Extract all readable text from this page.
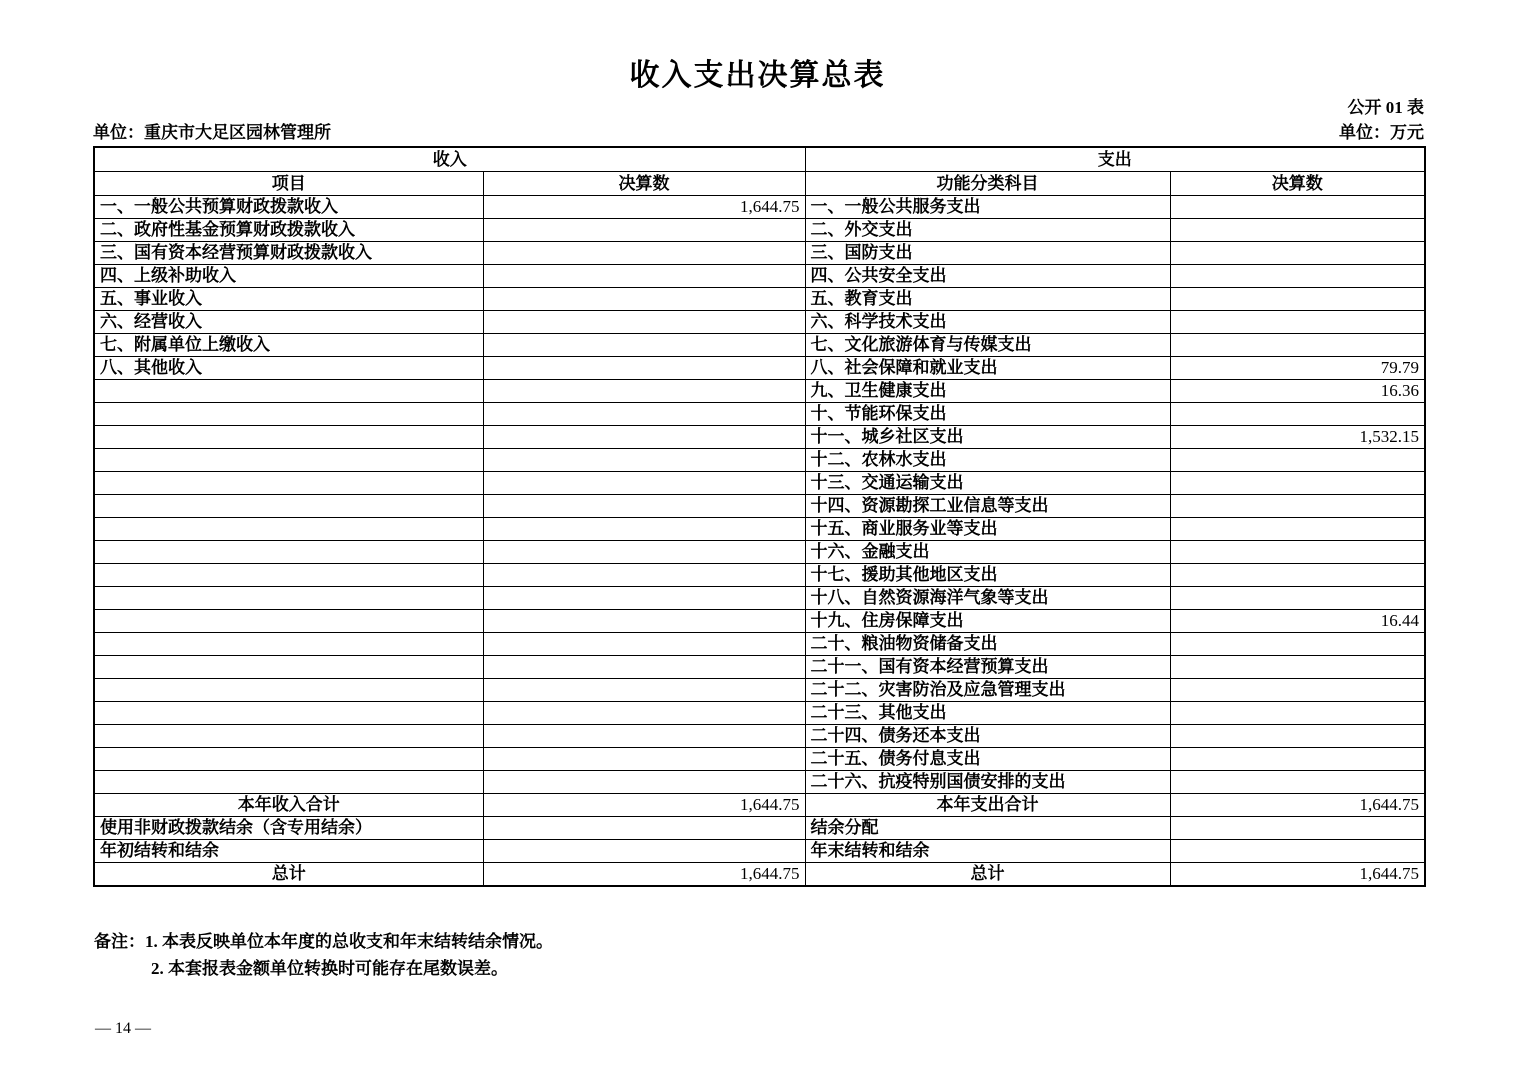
收入支出决算总表
公开 01 表
单位：重庆市大足区园林管理所	单位：万元
收入		支出	
项目	决算数	功能分类科目	决算数
一、一般公共预算财政拨款收入	1,644.75	一、一般公共服务支出	
二、政府性基金预算财政拨款收入		二、外交支出	
三、国有资本经营预算财政拨款收入		三、国防支出	
四、上级补助收入		四、公共安全支出	
五、事业收入		五、教育支出	
六、经营收入		六、科学技术支出	
七、附属单位上缴收入		七、文化旅游体育与传媒支出	
八、其他收入		八、社会保障和就业支出	79.79
		九、卫生健康支出	16.36
		十、节能环保支出	
		十一、城乡社区支出	1,532.15
		十二、农林水支出	
		十三、交通运输支出	
		十四、资源勘探工业信息等支出	
		十五、商业服务业等支出	
		十六、金融支出	
		十七、援助其他地区支出	
		十八、自然资源海洋气象等支出	
		十九、住房保障支出	16.44
		二十、粮油物资储备支出	
		二十一、国有资本经营预算支出	
		二十二、灾害防治及应急管理支出	
		二十三、其他支出	
		二十四、债务还本支出	
		二十五、债务付息支出	
		二十六、抗疫特别国债安排的支出	
本年收入合计	1,644.75	本年支出合计	1,644.75
使用非财政拨款结余（含专用结余）		结余分配	
年初结转和结余		年末结转和结余	
总计	1,644.75	总计	1,644.75
备注：1. 本表反映单位本年度的总收支和年末结转结余情况。
2. 本套报表金额单位转换时可能存在尾数误差。
— 14 —
